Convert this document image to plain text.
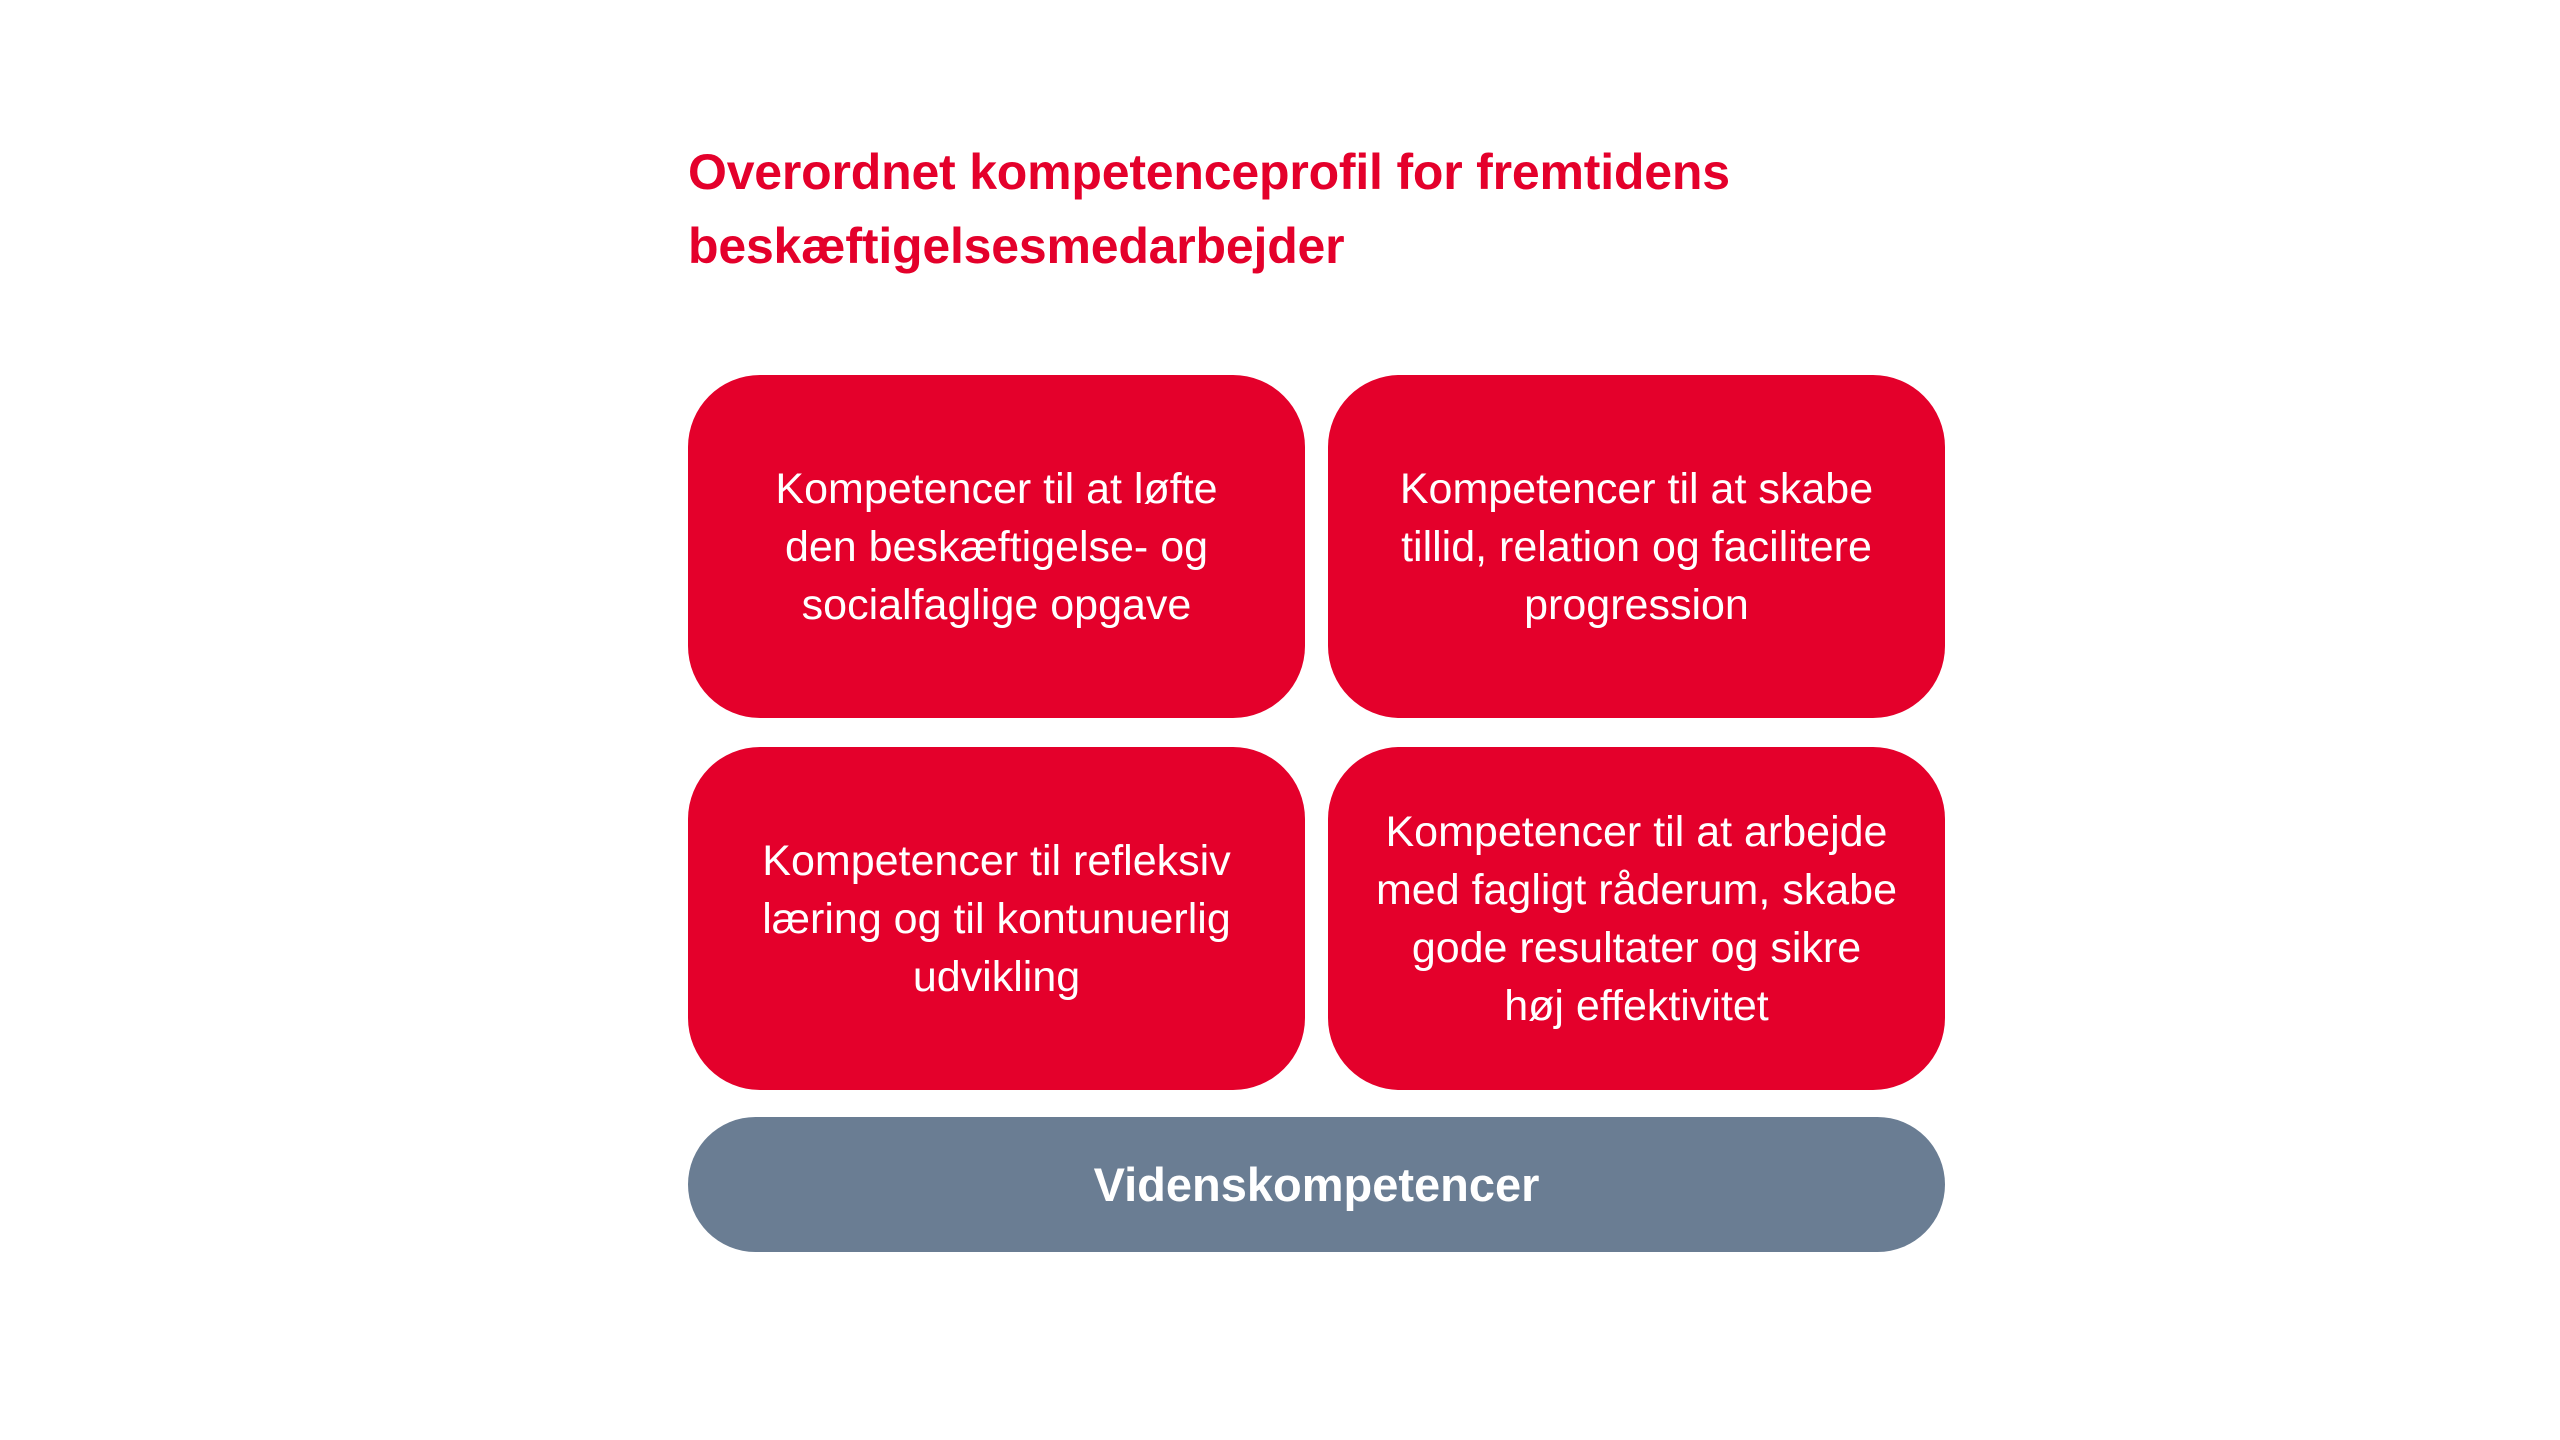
Overordnet kompetenceprofil for fremtidens
beskæftigelsesmedarbejder
Kompetencer til at løfte
den beskæftigelse- og
socialfaglige opgave
Kompetencer til at skabe
tillid, relation og facilitere
progression
Kompetencer til refleksiv
læring og til kontunuerlig
udvikling
Kompetencer til at arbejde
med fagligt råderum, skabe
gode resultater og sikre
høj effektivitet
Videnskompetencer
